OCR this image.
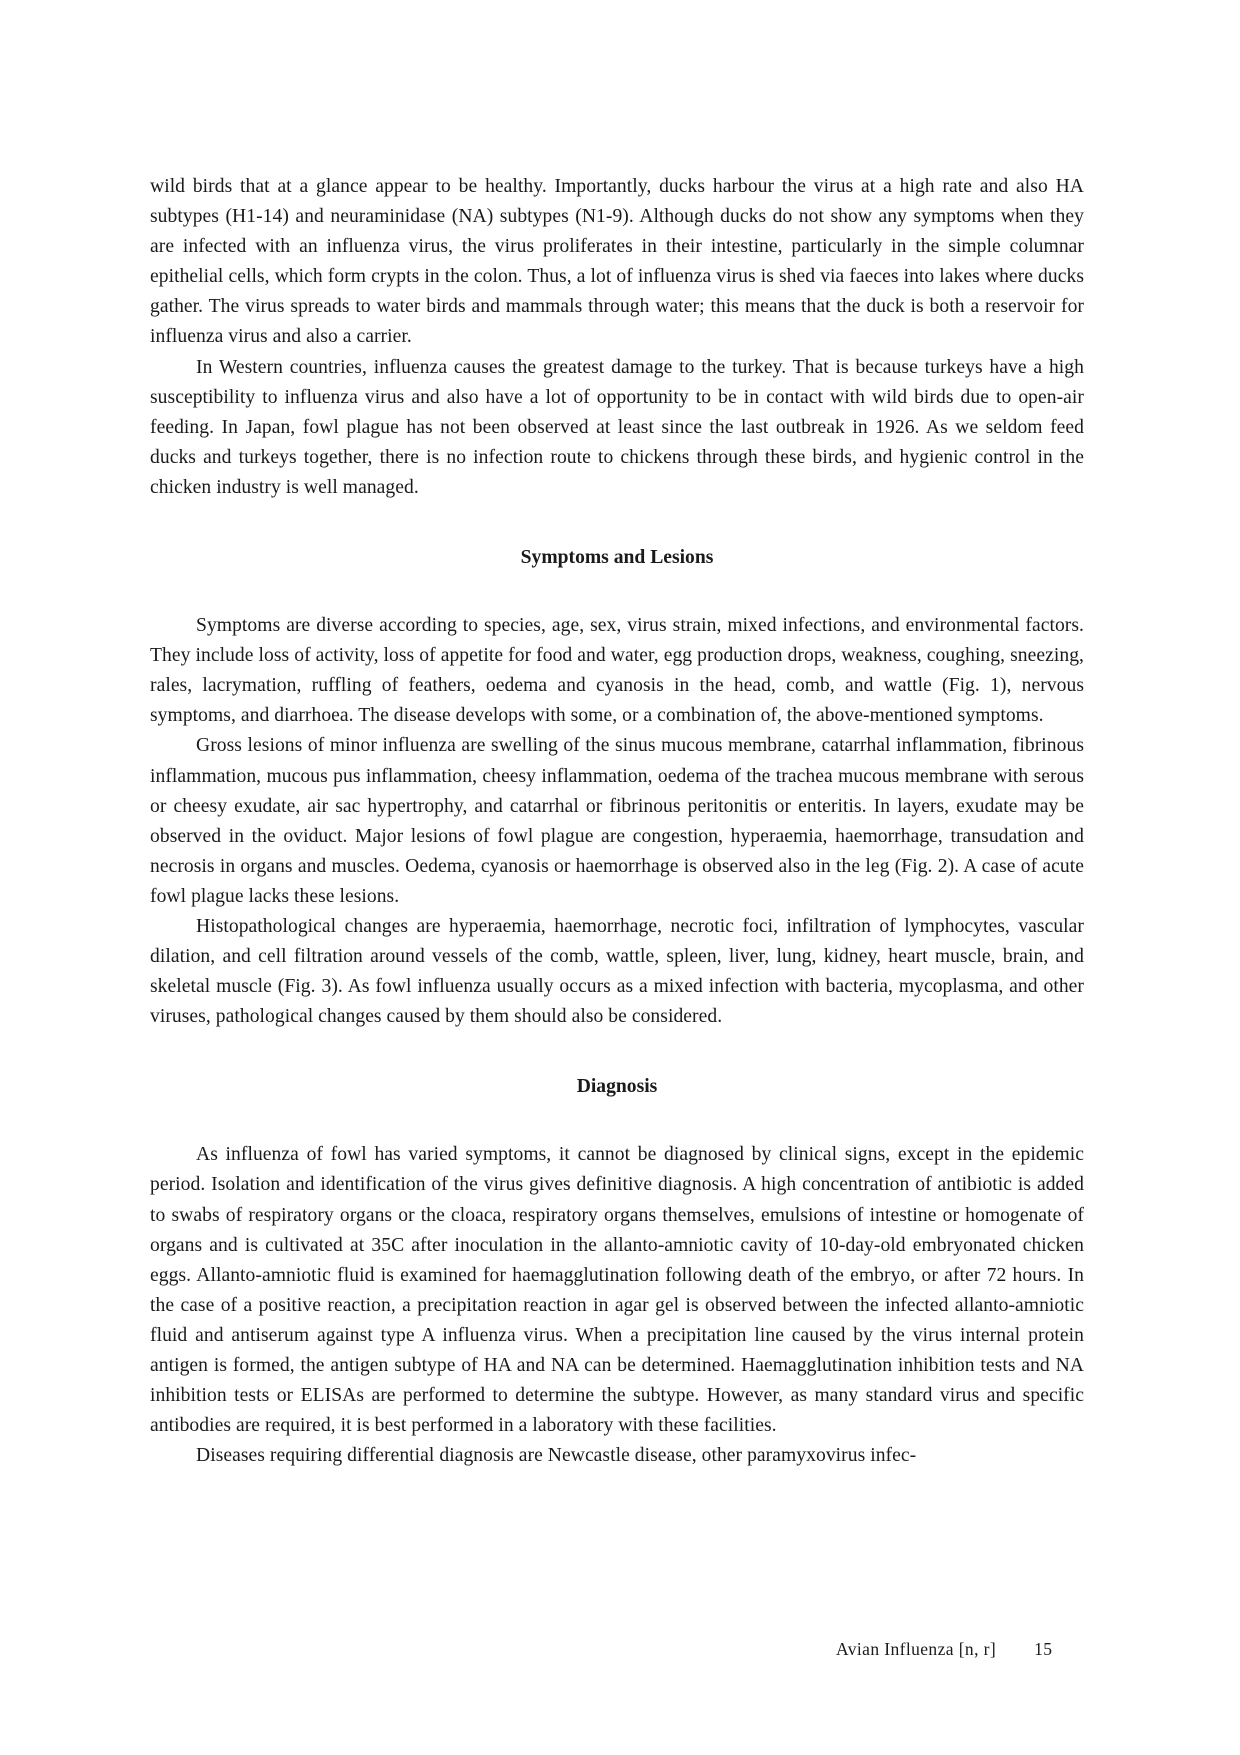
wild birds that at a glance appear to be healthy. Importantly, ducks harbour the virus at a high rate and also HA subtypes (H1-14) and neuraminidase (NA) subtypes (N1-9). Although ducks do not show any symptoms when they are infected with an influenza virus, the virus proliferates in their intestine, particularly in the simple columnar epithelial cells, which form crypts in the colon. Thus, a lot of influenza virus is shed via faeces into lakes where ducks gather. The virus spreads to water birds and mammals through water; this means that the duck is both a reservoir for influenza virus and also a carrier.

In Western countries, influenza causes the greatest damage to the turkey. That is because turkeys have a high susceptibility to influenza virus and also have a lot of opportunity to be in contact with wild birds due to open-air feeding. In Japan, fowl plague has not been observed at least since the last outbreak in 1926. As we seldom feed ducks and turkeys together, there is no infection route to chickens through these birds, and hygienic control in the chicken industry is well managed.

Symptoms and Lesions

Symptoms are diverse according to species, age, sex, virus strain, mixed infections, and environmental factors. They include loss of activity, loss of appetite for food and water, egg production drops, weakness, coughing, sneezing, rales, lacrymation, ruffling of feathers, oedema and cyanosis in the head, comb, and wattle (Fig. 1), nervous symptoms, and diarrhoea. The disease develops with some, or a combination of, the above-mentioned symptoms.

Gross lesions of minor influenza are swelling of the sinus mucous membrane, catarrhal inflammation, fibrinous inflammation, mucous pus inflammation, cheesy inflammation, oedema of the trachea mucous membrane with serous or cheesy exudate, air sac hypertrophy, and catarrhal or fibrinous peritonitis or enteritis. In layers, exudate may be observed in the oviduct. Major lesions of fowl plague are congestion, hyperaemia, haemorrhage, transudation and necrosis in organs and muscles. Oedema, cyanosis or haemorrhage is observed also in the leg (Fig. 2). A case of acute fowl plague lacks these lesions.

Histopathological changes are hyperaemia, haemorrhage, necrotic foci, infiltration of lymphocytes, vascular dilation, and cell filtration around vessels of the comb, wattle, spleen, liver, lung, kidney, heart muscle, brain, and skeletal muscle (Fig. 3). As fowl influenza usually occurs as a mixed infection with bacteria, mycoplasma, and other viruses, pathological changes caused by them should also be considered.

Diagnosis

As influenza of fowl has varied symptoms, it cannot be diagnosed by clinical signs, except in the epidemic period. Isolation and identification of the virus gives definitive diagnosis. A high concentration of antibiotic is added to swabs of respiratory organs or the cloaca, respiratory organs themselves, emulsions of intestine or homogenate of organs and is cultivated at 35C after inoculation in the allanto-amniotic cavity of 10-day-old embryonated chicken eggs. Allanto-amniotic fluid is examined for haemagglutination following death of the embryo, or after 72 hours. In the case of a positive reaction, a precipitation reaction in agar gel is observed between the infected allanto-amniotic fluid and antiserum against type A influenza virus. When a precipitation line caused by the virus internal protein antigen is formed, the antigen subtype of HA and NA can be determined. Haemagglutination inhibition tests and NA inhibition tests or ELISAs are performed to determine the subtype. However, as many standard virus and specific antibodies are required, it is best performed in a laboratory with these facilities.

Diseases requiring differential diagnosis are Newcastle disease, other paramyxovirus infec-

Avian Influenza [n, r] 15
